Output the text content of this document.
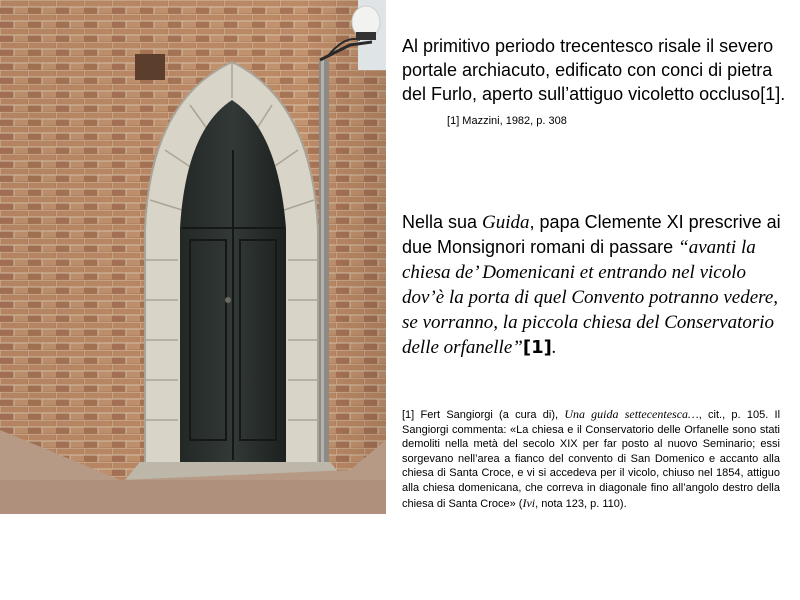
Al primitivo periodo trecentesco risale il severo portale archiacuto, edificato con conci di pietra del Furlo, aperto sull’attiguo vicoletto occluso[1].          [1] Mazzini, 1982, p. 308
Nella sua Guida, papa Clemente XI prescrive ai due Monsignori romani di passare “avanti la chiesa de’ Domenicani et entrando nel vicolo dov’è la porta di quel Convento potranno vedere, se vorranno, la piccola chiesa del Conservatorio delle orfanelle”[1].
[1] Fert Sangiorgi (a cura di), Una guida settecentesca…, cit., p. 105. Il Sangiorgi commenta: «La chiesa e il Conservatorio delle Orfanelle sono stati demoliti nella metà del secolo XIX per far posto al nuovo Seminario; essi sorgevano nell’area a fianco del convento di San Domenico e accanto alla chiesa di Santa Croce, e vi si accedeva per il vicolo, chiuso nel 1854, attiguo alla chiesa domenicana, che correva in diagonale fino all’angolo destro della chiesa di Santa Croce» (Ivi, nota 123, p. 110).
